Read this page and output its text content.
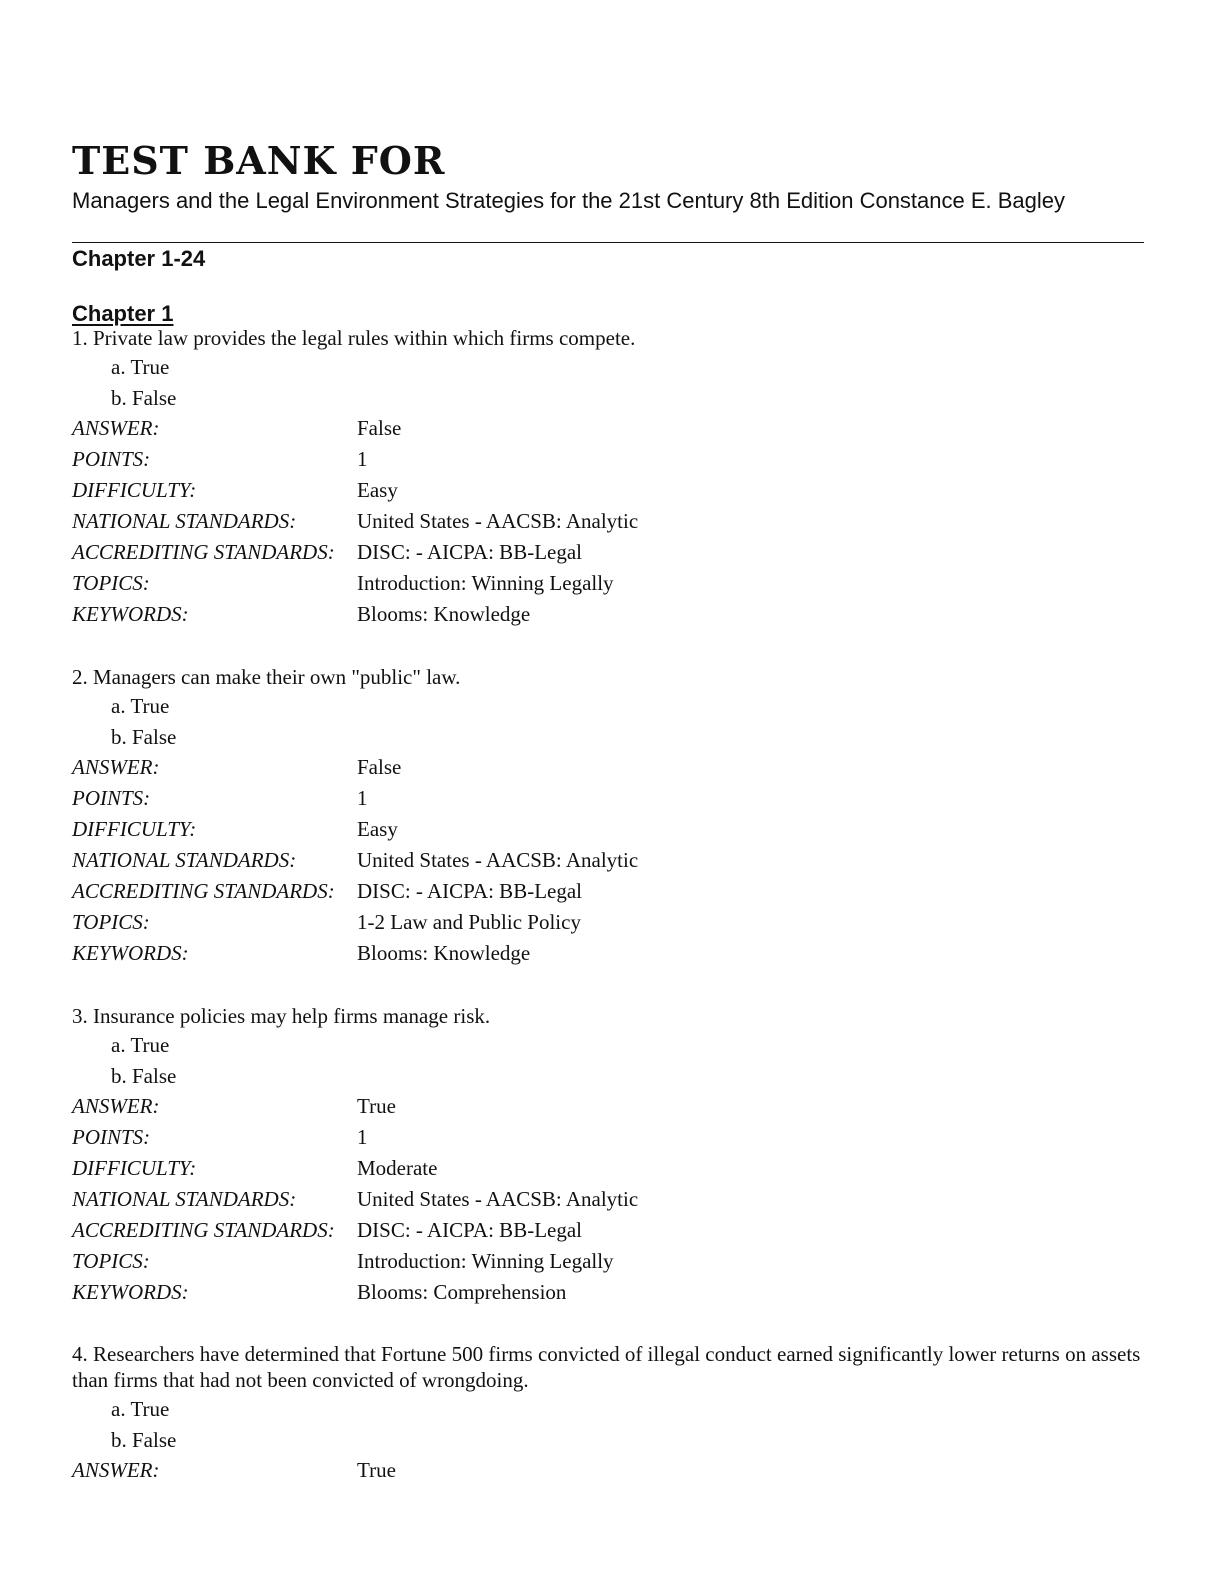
TEST BANK FOR
Managers and the Legal Environment Strategies for the 21st Century 8th Edition Constance E. Bagley
Chapter 1-24
Chapter 1
1. Private law provides the legal rules within which firms compete.
a. True
b. False
ANSWER:	False
POINTS:	1
DIFFICULTY:	Easy
NATIONAL STANDARDS:	United States - AACSB: Analytic
ACCREDITING STANDARDS:	DISC: - AICPA: BB-Legal
TOPICS:	Introduction: Winning Legally
KEYWORDS:	Blooms: Knowledge
2. Managers can make their own "public" law.
a. True
b. False
ANSWER:	False
POINTS:	1
DIFFICULTY:	Easy
NATIONAL STANDARDS:	United States - AACSB: Analytic
ACCREDITING STANDARDS:	DISC: - AICPA: BB-Legal
TOPICS:	1-2 Law and Public Policy
KEYWORDS:	Blooms: Knowledge
3. Insurance policies may help firms manage risk.
a. True
b. False
ANSWER:	True
POINTS:	1
DIFFICULTY:	Moderate
NATIONAL STANDARDS:	United States - AACSB: Analytic
ACCREDITING STANDARDS:	DISC: - AICPA: BB-Legal
TOPICS:	Introduction: Winning Legally
KEYWORDS:	Blooms: Comprehension
4. Researchers have determined that Fortune 500 firms convicted of illegal conduct earned significantly lower returns on assets than firms that had not been convicted of wrongdoing.
a. True
b. False
ANSWER:	True
